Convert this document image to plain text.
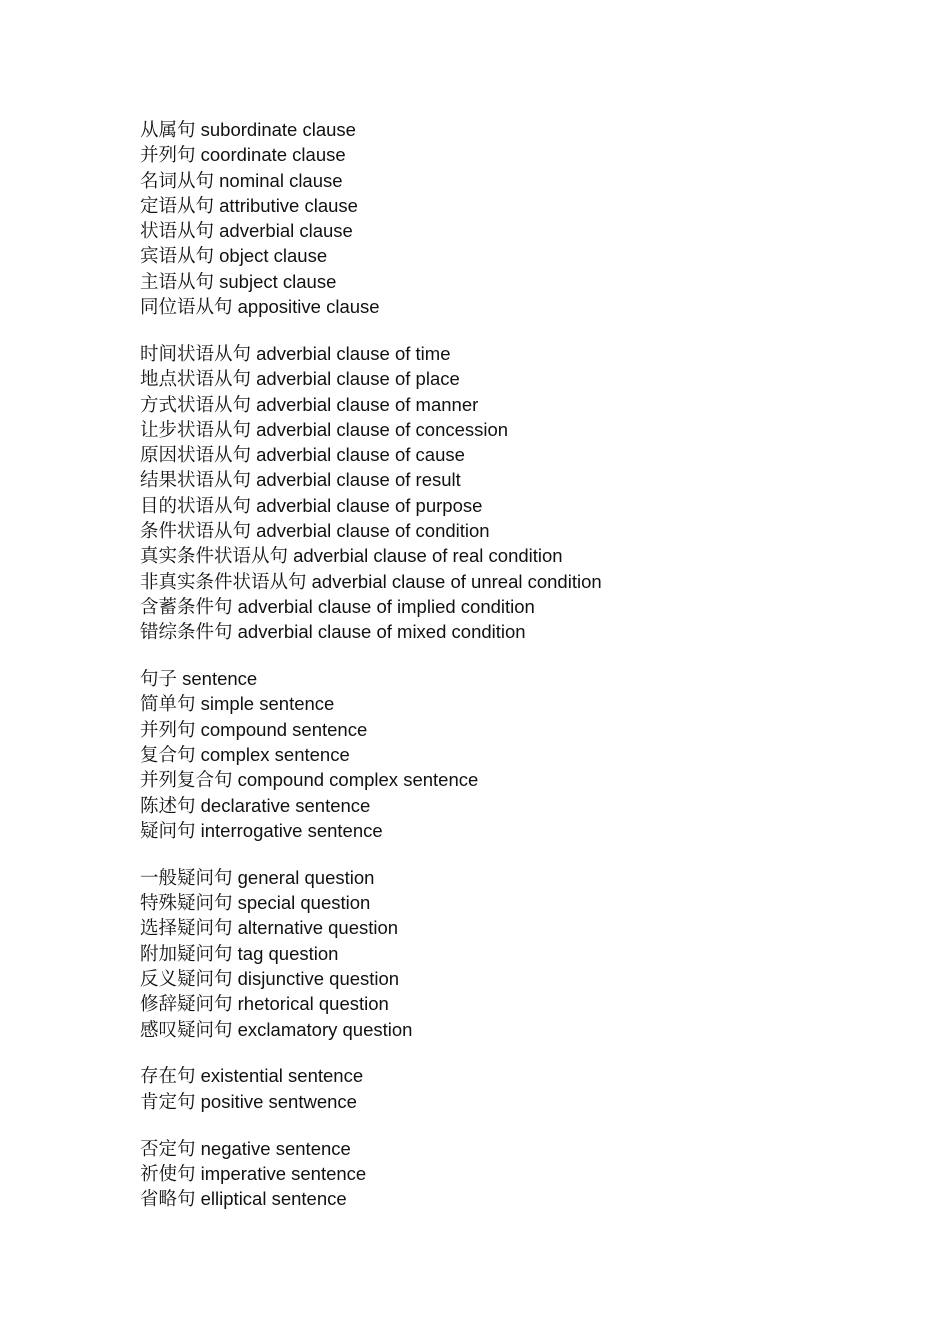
从属句 subordinate clause
并列句 coordinate clause
名词从句 nominal clause
定语从句 attributive clause
状语从句 adverbial clause
宾语从句 object clause
主语从句 subject clause
同位语从句 appositive clause
时间状语从句 adverbial clause of time
地点状语从句 adverbial clause of place
方式状语从句 adverbial clause of manner
让步状语从句 adverbial clause of concession
原因状语从句 adverbial clause of cause
结果状语从句 adverbial clause of result
目的状语从句 adverbial clause of purpose
条件状语从句 adverbial clause of condition
真实条件状语从句 adverbial clause of real condition
非真实条件状语从句 adverbial clause of unreal condition
含蓄条件句 adverbial clause of implied condition
错综条件句 adverbial clause of mixed condition
句子 sentence
简单句 simple sentence
并列句 compound sentence
复合句 complex sentence
并列复合句 compound complex sentence
陈述句 declarative sentence
疑问句 interrogative sentence
一般疑问句 general question
特殊疑问句 special question
选择疑问句 alternative question
附加疑问句 tag question
反义疑问句 disjunctive question
修辞疑问句 rhetorical question
感叹疑问句 exclamatory question
存在句 existential sentence
肯定句 positive sentwence
否定句 negative sentence
祈使句 imperative sentence
省略句 elliptical sentence
